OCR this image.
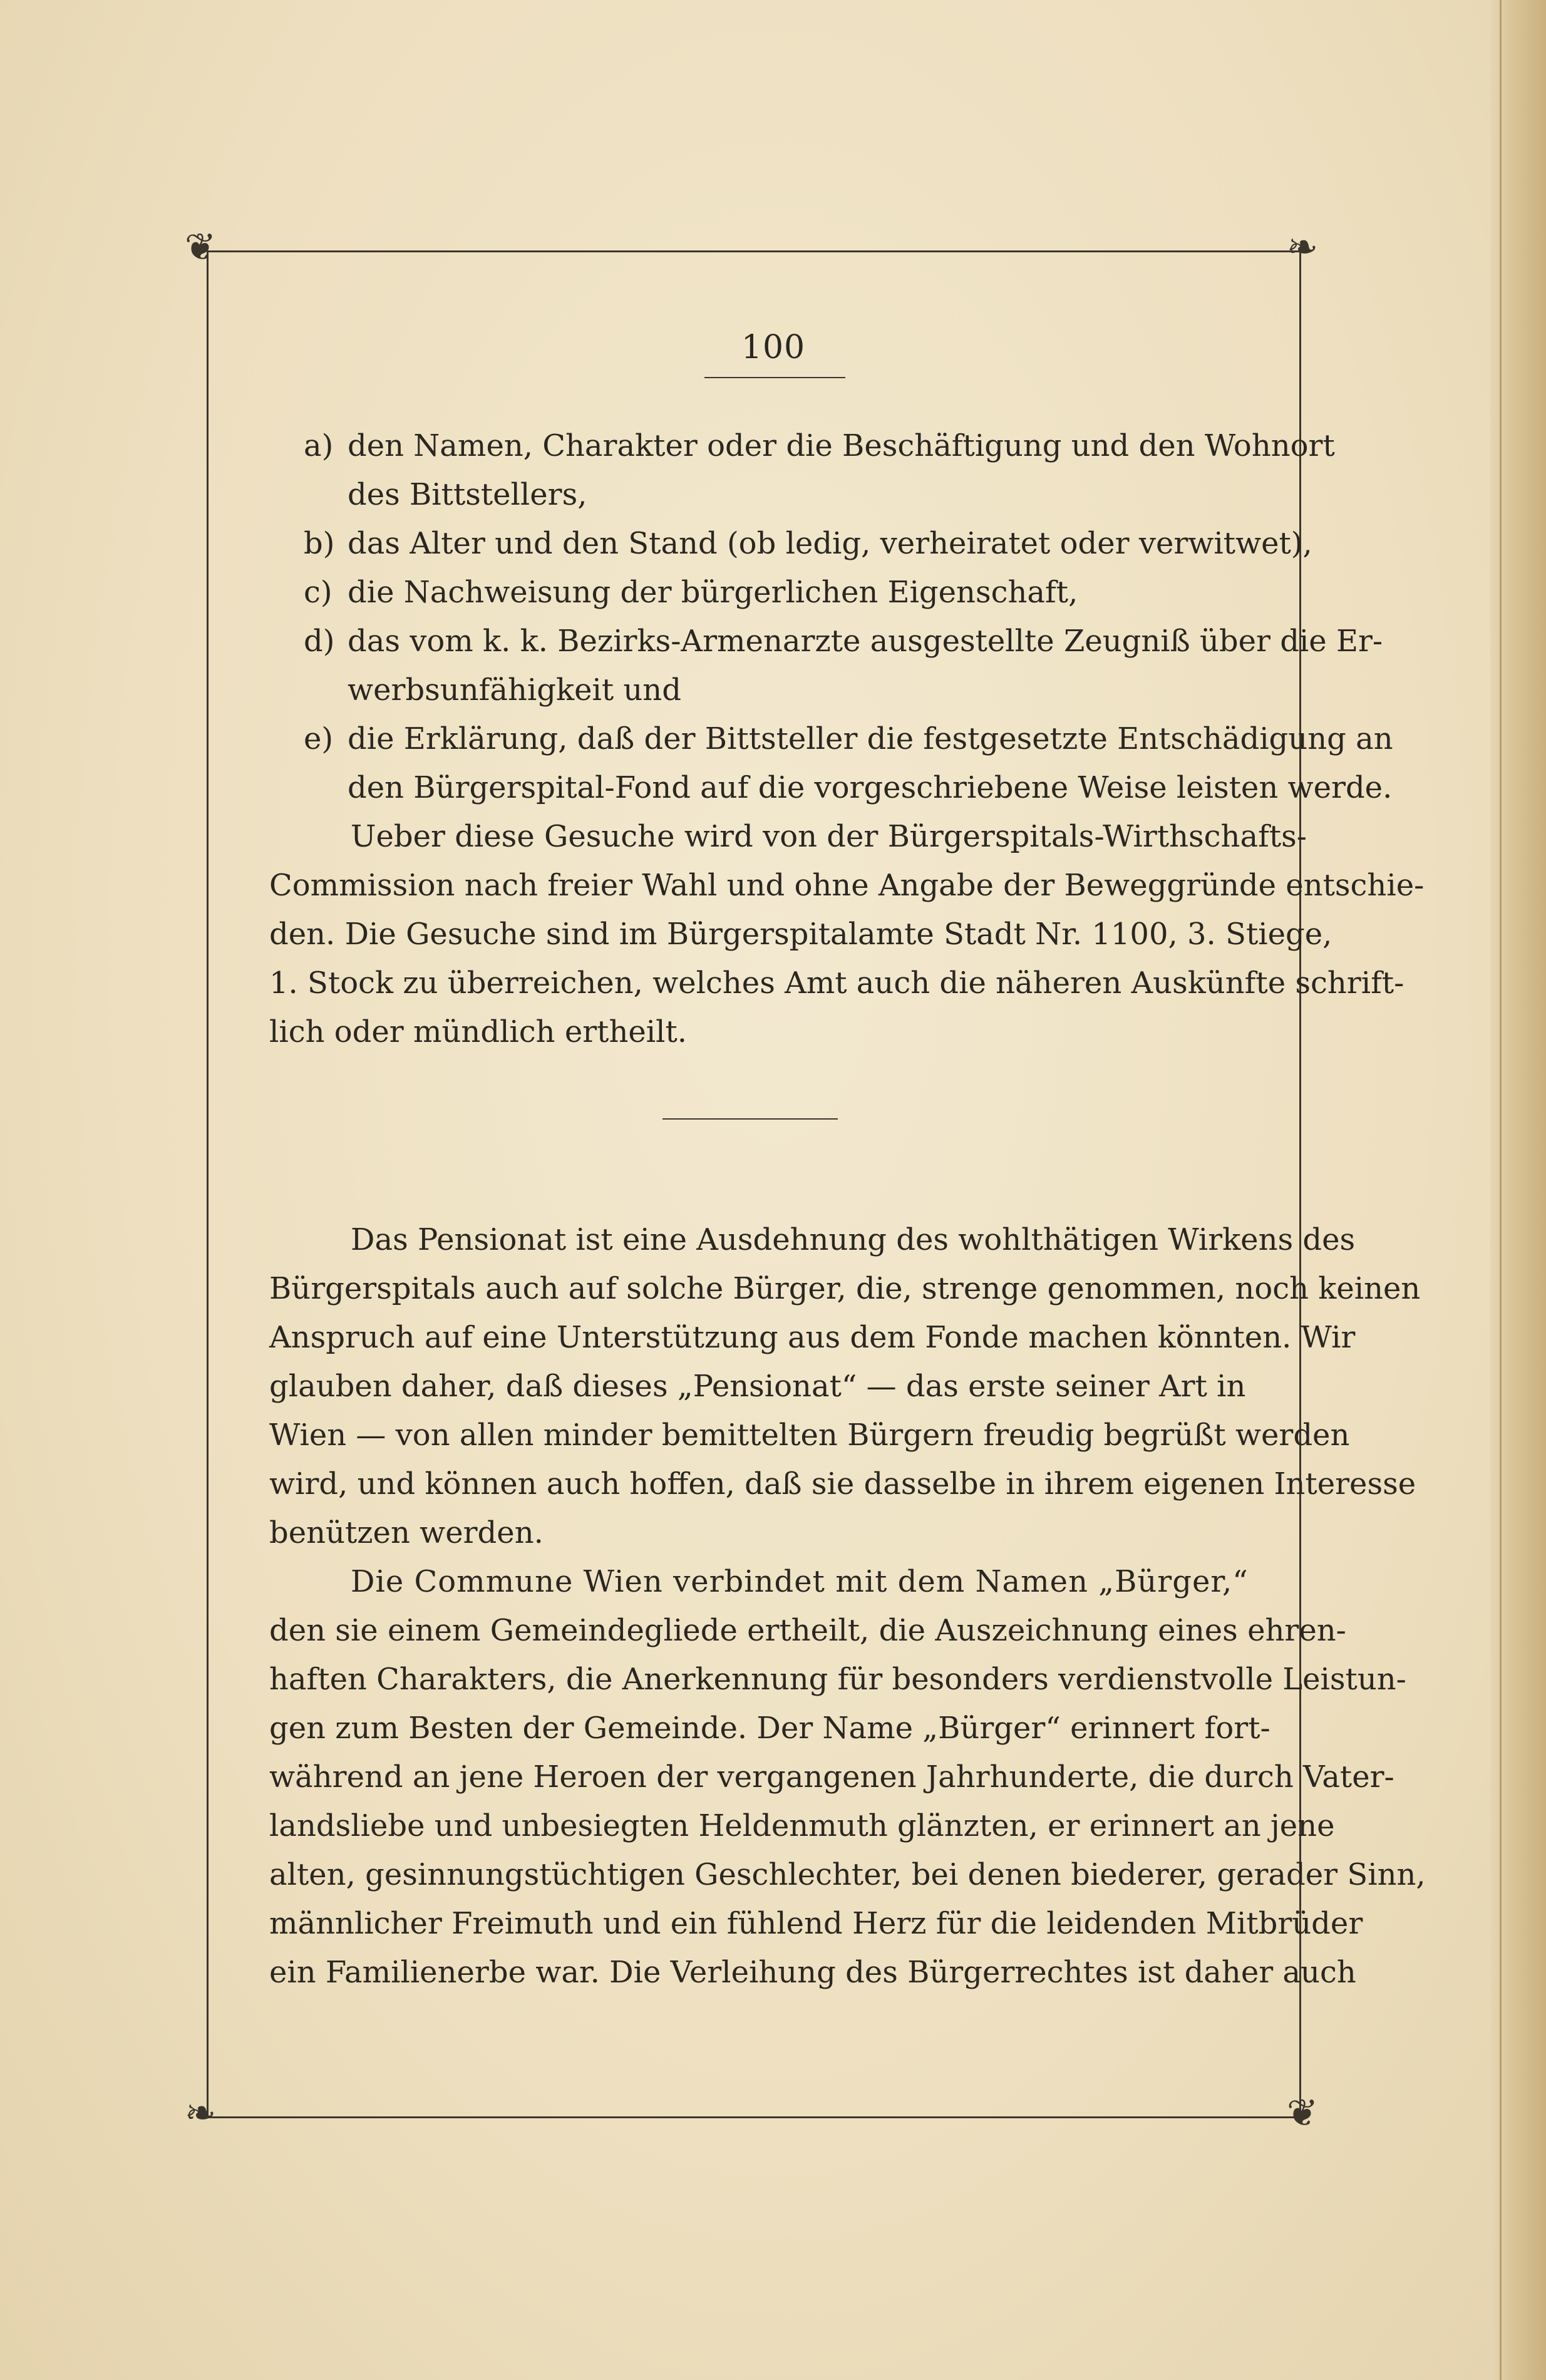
❦	❧
❧	❦
100
a) den Namen, Charakter oder die Beschäftigung und den Wohnort
des Bittstellers,
b) das Alter und den Stand (ob ledig, verheiratet oder verwitwet),
c) die Nachweisung der bürgerlichen Eigenschaft,
d) das vom k. k. Bezirks-Armenarzte ausgestellte Zeugniß über die Er-
werbsunfähigkeit und
e) die Erklärung, daß der Bittsteller die festgesetzte Entschädigung an
den Bürgerspital-Fond auf die vorgeschriebene Weise leisten werde.
Ueber diese Gesuche wird von der Bürgerspitals-Wirthschafts-
Commission nach freier Wahl und ohne Angabe der Beweggründe entschie-
den. Die Gesuche sind im Bürgerspitalamte Stadt Nr. 1100, 3. Stiege,
1. Stock zu überreichen, welches Amt auch die näheren Auskünfte schrift-
lich oder mündlich ertheilt.
Das Pensionat ist eine Ausdehnung des wohlthätigen Wirkens des
Bürgerspitals auch auf solche Bürger, die, strenge genommen, noch keinen
Anspruch auf eine Unterstützung aus dem Fonde machen könnten. Wir
glauben daher, daß dieses „Pensionat“ — das erste seiner Art in
Wien — von allen minder bemittelten Bürgern freudig begrüßt werden
wird, und können auch hoffen, daß sie dasselbe in ihrem eigenen Interesse
benützen werden.
Die Commune Wien verbindet mit dem Namen „Bürger,“
den sie einem Gemeindegliede ertheilt, die Auszeichnung eines ehren-
haften Charakters, die Anerkennung für besonders verdienstvolle Leistun-
gen zum Besten der Gemeinde. Der Name „Bürger“ erinnert fort-
während an jene Heroen der vergangenen Jahrhunderte, die durch Vater-
landsliebe und unbesiegten Heldenmuth glänzten, er erinnert an jene
alten, gesinnungstüchtigen Geschlechter, bei denen biederer, gerader Sinn,
männlicher Freimuth und ein fühlend Herz für die leidenden Mitbrüder
ein Familienerbe war. Die Verleihung des Bürgerrechtes ist daher auch
